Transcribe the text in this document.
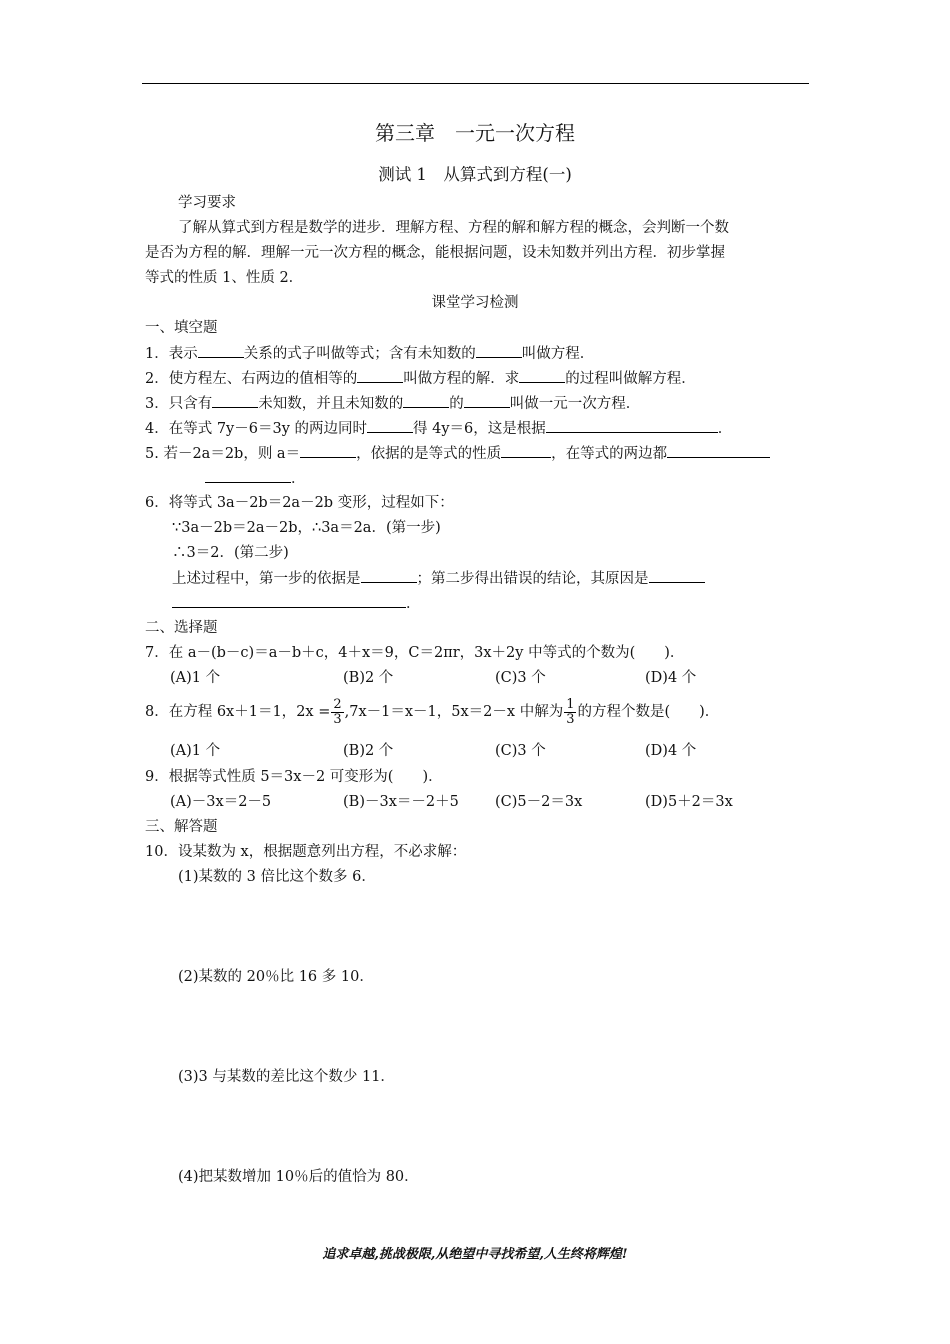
第三章　一元一次方程
测试 1　从算式到方程(一)
学习要求
了解从算式到方程是数学的进步．理解方程、方程的解和解方程的概念，会判断一个数
是否为方程的解．理解一元一次方程的概念，能根据问题，设未知数并列出方程．初步掌握
等式的性质 1、性质 2．
课堂学习检测
一、填空题
1．表示	关系的式子叫做等式；含有未知数的	叫做方程．
2．使方程左、右两边的值相等的	叫做方程的解．求	的过程叫做解方程．
3．只含有	未知数，并且未知数的	的	叫做一元一次方程．
4．在等式 7y－6＝3y 的两边同时	得 4y＝6，这是根据	．
5. 若－2a＝2b，则 a＝	，依据的是等式的性质	，在等式的两边都
．
6．将等式 3a－2b＝2a－2b 变形，过程如下：
∵3a－2b＝2a－2b，∴3a＝2a．(第一步)
∴3＝2．(第二步)
上述过程中，第一步的依据是	；第二步得出错误的结论，其原因是
．
二、选择题
7．在 a－(b－c)＝a－b＋c，4＋x＝9，C＝2πr，3x＋2y 中等式的个数为(　　)．
(A)1 个	(B)2 个	(C)3 个	(D)4 个
8．在方程 6x＋1＝1，$2x = \frac{2}{3} ,7x-1=x-1$，5x＝2－x 中解为 $\frac{1}{3}$ 的方程个数是(　　)．
(A)1 个	(B)2 个	(C)3 个	(D)4 个
9．根据等式性质 5＝3x－2 可变形为(　　)．
(A)－3x＝2－5	(B)－3x＝－2＋5 (C)5－2＝3x	(D)5＋2＝3x
三、解答题
10．设某数为 x，根据题意列出方程，不必求解：
(1)某数的 3 倍比这个数多 6．
(2)某数的 20％比 16 多 10．
(3)3 与某数的差比这个数少 11．
(4)把某数增加 10％后的值恰为 80．
追求卓越,挑战极限,从绝望中寻找希望,人生终将辉煌!
